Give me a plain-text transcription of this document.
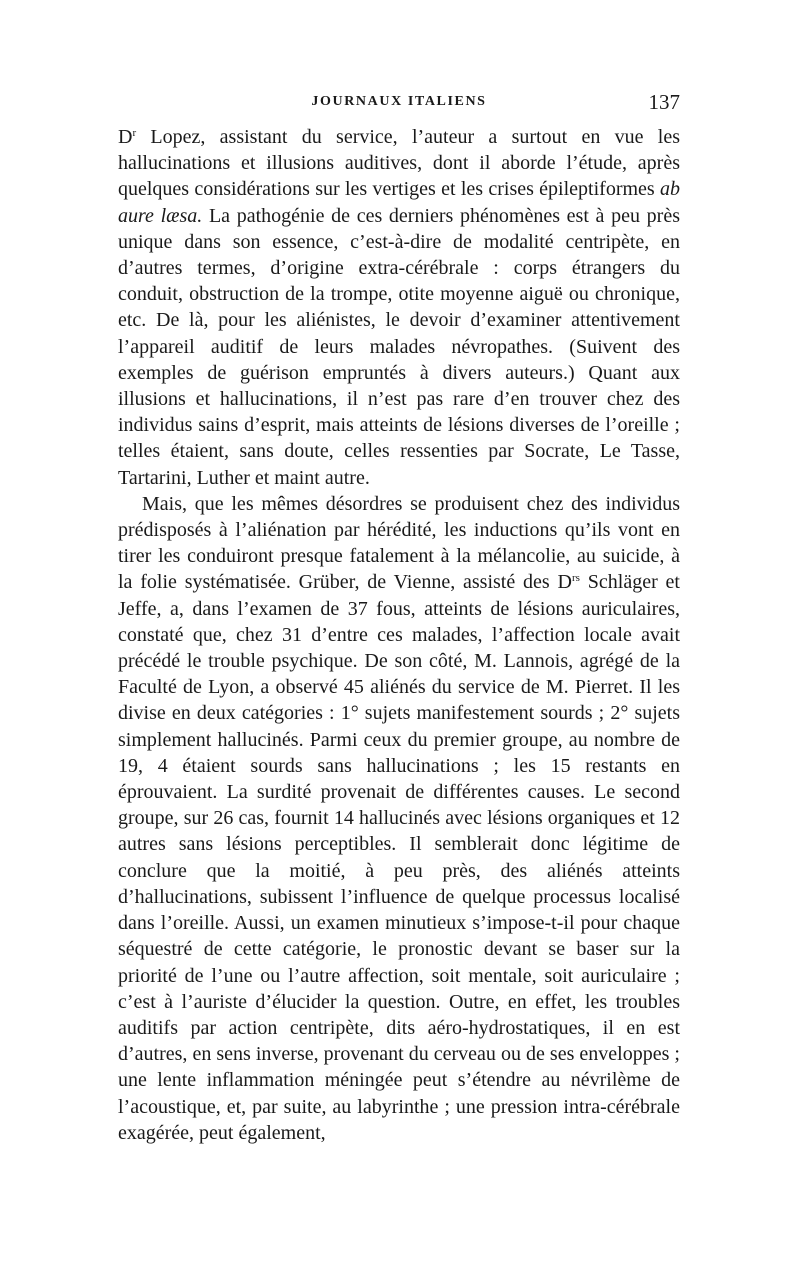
JOURNAUX ITALIENS	137

$D^r$ Lopez, assistant du service, l’auteur a surtout en vue les hallucinations et illusions auditives, dont il aborde l’étude, après quelques considérations sur les vertiges et les crises épileptiformes ab aure læsa. La pathogénie de ces derniers phénomènes est à peu près unique dans son essence, c’est-à-dire de modalité centripète, en d’autres termes, d’origine extra-cérébrale : corps étrangers du conduit, obstruction de la trompe, otite moyenne aiguë ou chronique, etc. De là, pour les aliénistes, le devoir d’examiner attentivement l’appareil auditif de leurs malades névropathes. (Suivent des exemples de guérison empruntés à divers auteurs.) Quant aux illusions et hallucinations, il n’est pas rare d’en trouver chez des individus sains d’esprit, mais atteints de lésions diverses de l’oreille ; telles étaient, sans doute, celles ressenties par Socrate, Le Tasse, Tartarini, Luther et maint autre.

Mais, que les mêmes désordres se produisent chez des individus prédisposés à l’aliénation par hérédité, les inductions qu’ils vont en tirer les conduiront presque fatalement à la mélancolie, au suicide, à la folie systématisée. Grüber, de Vienne, assisté des $D^{rs}$ Schläger et Jeffe, a, dans l’examen de 37 fous, atteints de lésions auriculaires, constaté que, chez 31 d’entre ces malades, l’affection locale avait précédé le trouble psychique. De son côté, M. Lannois, agrégé de la Faculté de Lyon, a observé 45 aliénés du service de M. Pierret. Il les divise en deux catégories : 1° sujets manifestement sourds ; 2° sujets simplement hallucinés. Parmi ceux du premier groupe, au nombre de 19, 4 étaient sourds sans hallucinations ; les 15 restants en éprouvaient. La surdité provenait de différentes causes. Le second groupe, sur 26 cas, fournit 14 hallucinés avec lésions organiques et 12 autres sans lésions perceptibles. Il semblerait donc légitime de conclure que la moitié, à peu près, des aliénés atteints d’hallucinations, subissent l’influence de quelque processus localisé dans l’oreille. Aussi, un examen minutieux s’impose-t-il pour chaque séquestré de cette catégorie, le pronostic devant se baser sur la priorité de l’une ou l’autre affection, soit mentale, soit auriculaire ; c’est à l’auriste d’élucider la question. Outre, en effet, les troubles auditifs par action centripète, dits aéro-hydrostatiques, il en est d’autres, en sens inverse, provenant du cerveau ou de ses enveloppes ; une lente inflammation méningée peut s’étendre au névrilème de l’acoustique, et, par suite, au labyrinthe ; une pression intra-cérébrale exagérée, peut également,
